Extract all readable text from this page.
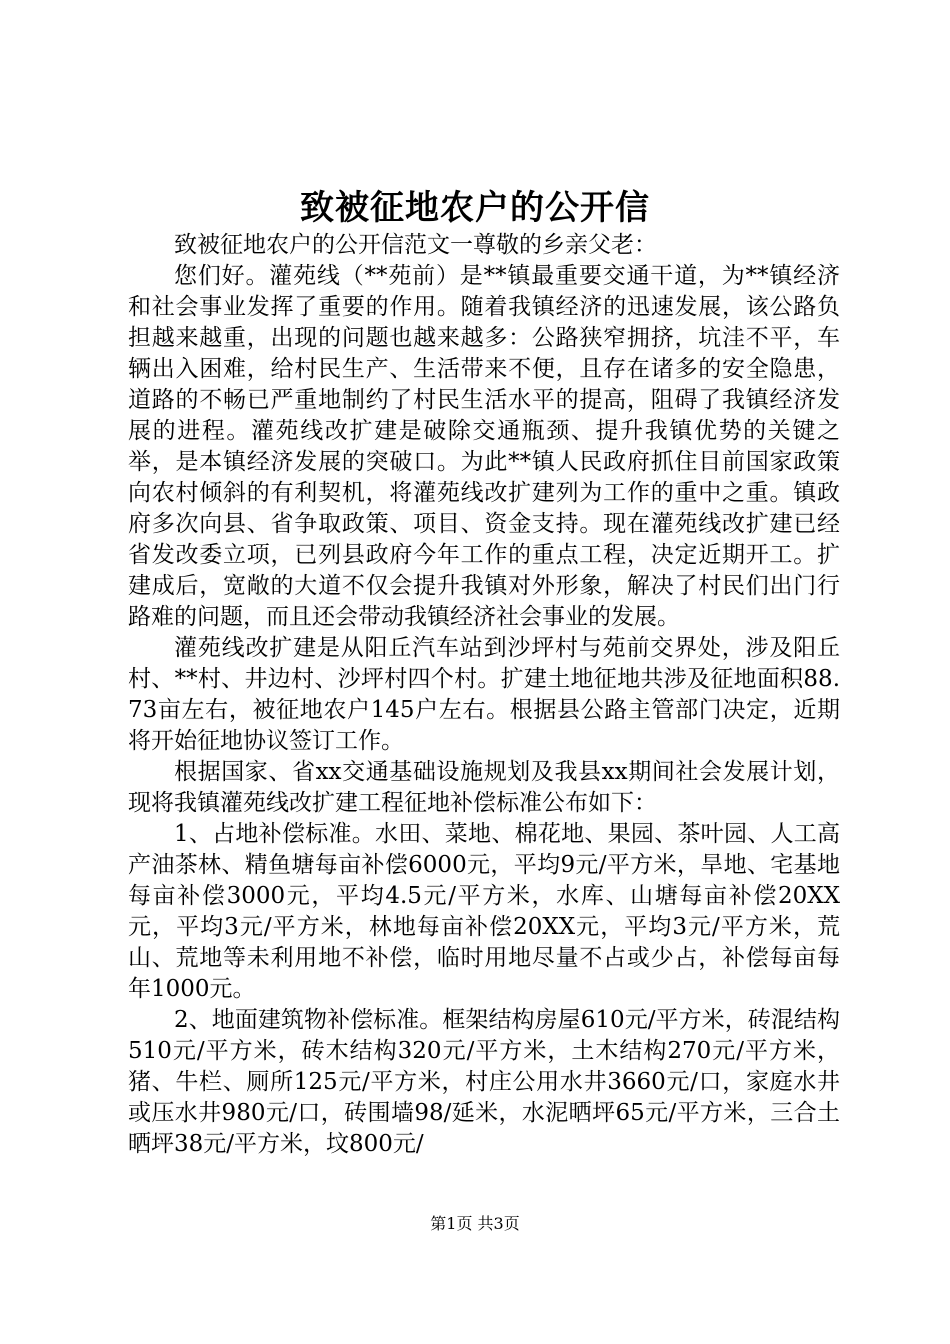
致被征地农户的公开信

致被征地农户的公开信范文一尊敬的乡亲父老：

您们好。灌苑线（**苑前）是**镇最重要交通干道，为**镇经济和社会事业发挥了重要的作用。随着我镇经济的迅速发展，该公路负担越来越重，出现的问题也越来越多：公路狭窄拥挤，坑洼不平，车辆出入困难，给村民生产、生活带来不便，且存在诸多的安全隐患，道路的不畅已严重地制约了村民生活水平的提高，阻碍了我镇经济发展的进程。灌苑线改扩建是破除交通瓶颈、提升我镇优势的关键之举，是本镇经济发展的突破口。为此**镇人民政府抓住目前国家政策向农村倾斜的有利契机，将灌苑线改扩建列为工作的重中之重。镇政府多次向县、省争取政策、项目、资金支持。现在灌苑线改扩建已经省发改委立项，已列县政府今年工作的重点工程，决定近期开工。扩建成后，宽敞的大道不仅会提升我镇对外形象，解决了村民们出门行路难的问题，而且还会带动我镇经济社会事业的发展。

灌苑线改扩建是从阳丘汽车站到沙坪村与苑前交界处，涉及阳丘村、**村、井边村、沙坪村四个村。扩建土地征地共涉及征地面积88.73亩左右，被征地农户145户左右。根据县公路主管部门决定，近期将开始征地协议签订工作。

根据国家、省xx交通基础设施规划及我县xx期间社会发展计划，现将我镇灌苑线改扩建工程征地补偿标准公布如下：

1、占地补偿标准。水田、菜地、棉花地、果园、茶叶园、人工高产油茶林、精鱼塘每亩补偿6000元，平均9元/平方米，旱地、宅基地每亩补偿3000元，平均4.5元/平方米，水库、山塘每亩补偿20XX元，平均3元/平方米，林地每亩补偿20XX元，平均3元/平方米，荒山、荒地等未利用地不补偿，临时用地尽量不占或少占，补偿每亩每年1000元。

2、地面建筑物补偿标准。框架结构房屋610元/平方米，砖混结构510元/平方米，砖木结构320元/平方米，土木结构270元/平方米，猪、牛栏、厕所125元/平方米，村庄公用水井3660元/口，家庭水井或压水井980元/口，砖围墙98/延米，水泥晒坪65元/平方米，三合土晒坪38元/平方米，坟800元/

第1页 共3页
